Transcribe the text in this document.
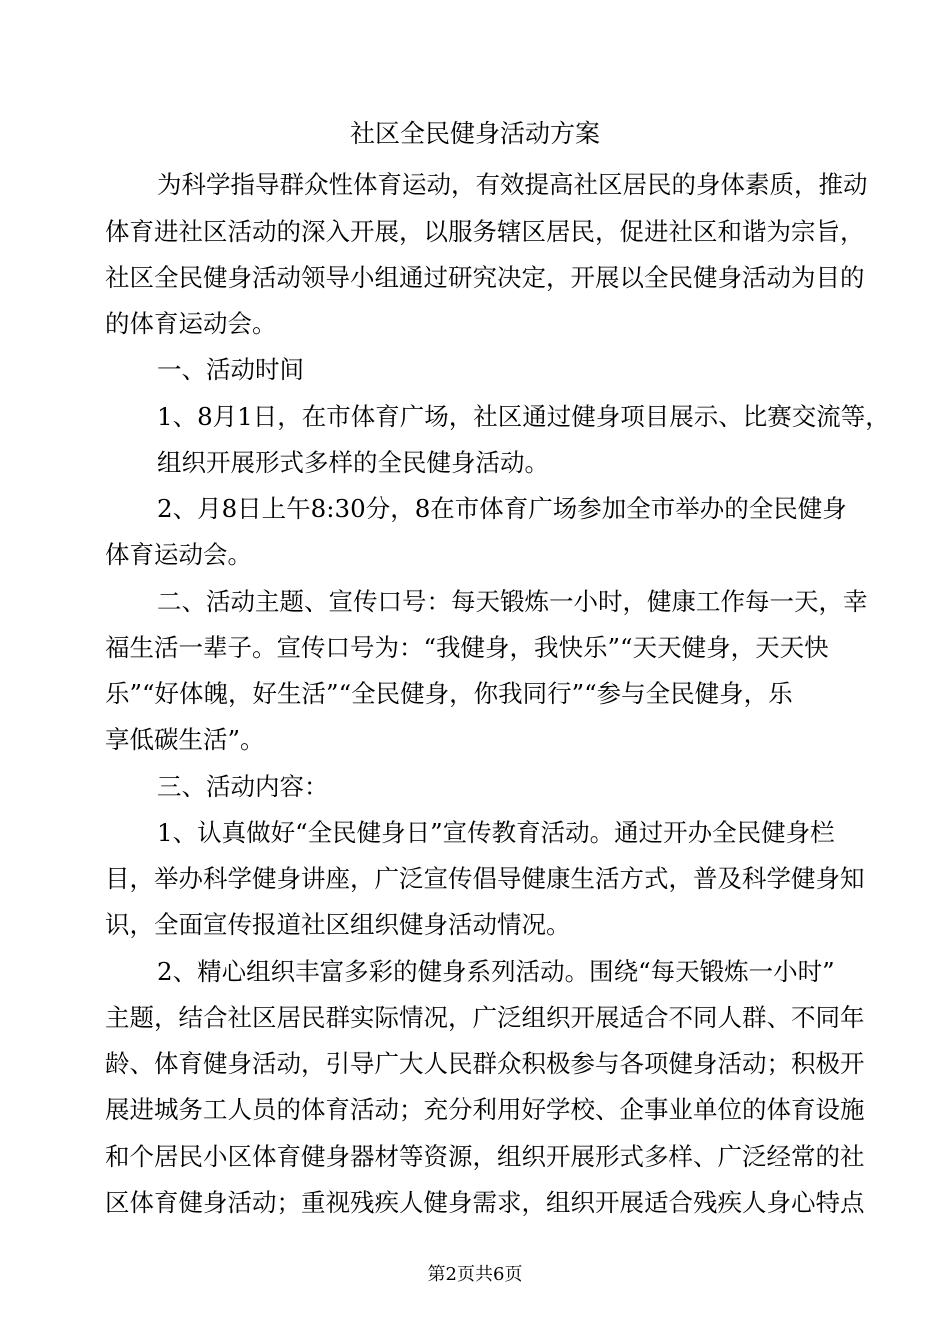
社区全民健身活动方案
为科学指导群众性体育运动，有效提高社区居民的身体素质，推动
体育进社区活动的深入开展，以服务辖区居民，促进社区和谐为宗旨，
社区全民健身活动领导小组通过研究决定，开展以全民健身活动为目的
的体育运动会。
一、活动时间
1、8月1日，在市体育广场，社区通过健身项目展示、比赛交流等，
组织开展形式多样的全民健身活动。
2、月8日上午8:30分，8在市体育广场参加全市举办的全民健身
体育运动会。
二、活动主题、宣传口号：每天锻炼一小时，健康工作每一天，幸
福生活一辈子。宣传口号为：“我健身，我快乐”“天天健身，天天快
乐”“好体魄，好生活”“全民健身，你我同行”“参与全民健身，乐
享低碳生活”。
三、活动内容：
1、认真做好“全民健身日”宣传教育活动。通过开办全民健身栏
目，举办科学健身讲座，广泛宣传倡导健康生活方式，普及科学健身知
识，全面宣传报道社区组织健身活动情况。
2、精心组织丰富多彩的健身系列活动。围绕“每天锻炼一小时”
主题，结合社区居民群实际情况，广泛组织开展适合不同人群、不同年
龄、体育健身活动，引导广大人民群众积极参与各项健身活动；积极开
展进城务工人员的体育活动；充分利用好学校、企事业单位的体育设施
和个居民小区体育健身器材等资源，组织开展形式多样、广泛经常的社
区体育健身活动；重视残疾人健身需求，组织开展适合残疾人身心特点
第2页共6页
